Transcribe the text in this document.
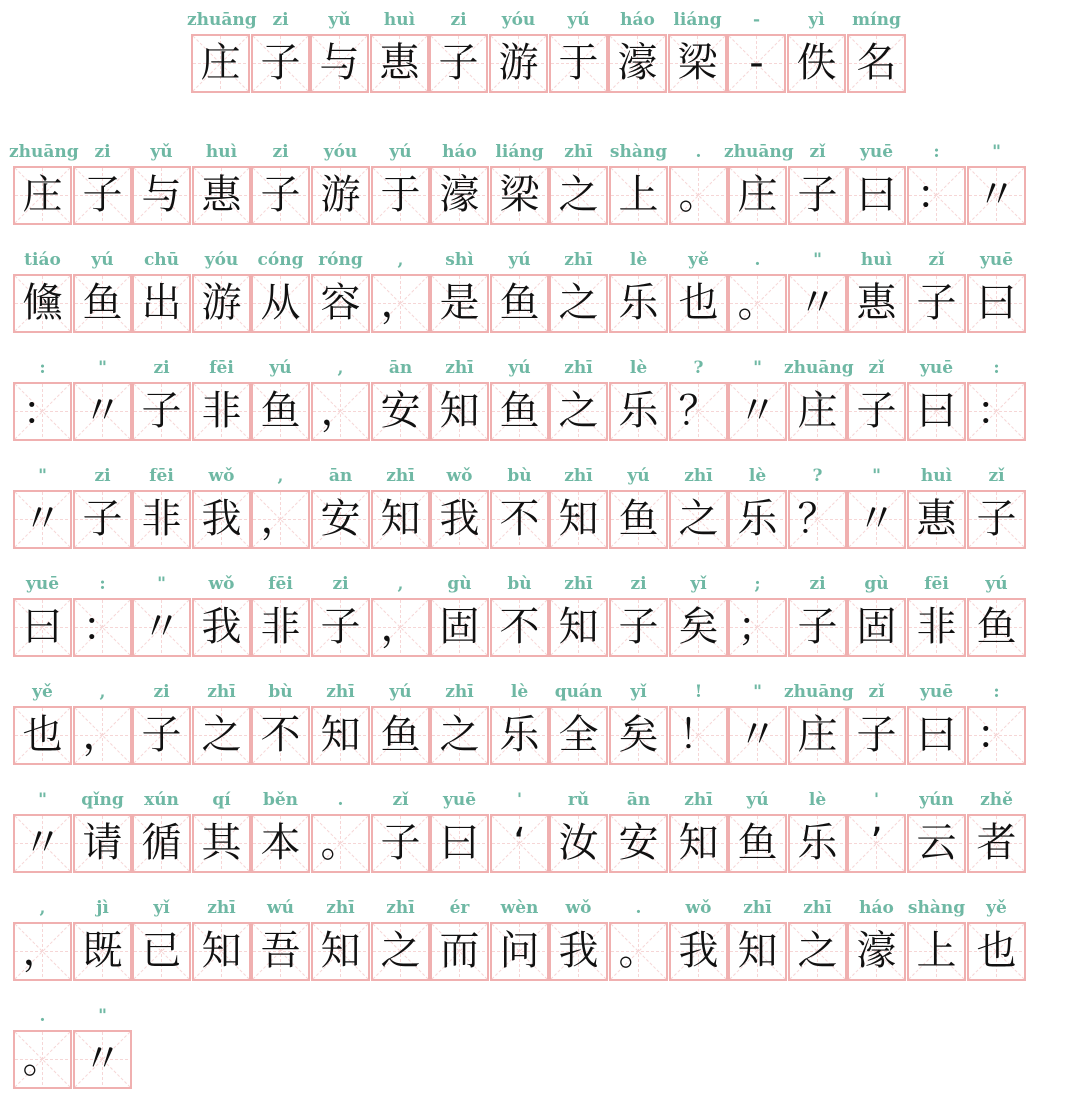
zhuāng
庄
zi
子
yǔ
与
huì
惠
zi
子
yóu
游
yú
于
háo
濠
liáng
梁
-
-
yì
佚
míng
名
zhuāng
庄
zi
子
yǔ
与
huì
惠
zi
子
yóu
游
yú
于
háo
濠
liáng
梁
zhī
之
shàng
上
.
。
zhuāng
庄
zǐ
子
yuē
曰
:
：
"
〃
tiáo
儵
yú
鱼
chū
出
yóu
游
cóng
从
róng
容
,
，
shì
是
yú
鱼
zhī
之
lè
乐
yě
也
.
。
"
〃
huì
惠
zǐ
子
yuē
曰
:
：
"
〃
zi
子
fēi
非
yú
鱼
,
，
ān
安
zhī
知
yú
鱼
zhī
之
lè
乐
?
？
"
〃
zhuāng
庄
zǐ
子
yuē
曰
:
：
"
〃
zi
子
fēi
非
wǒ
我
,
，
ān
安
zhī
知
wǒ
我
bù
不
zhī
知
yú
鱼
zhī
之
lè
乐
?
？
"
〃
huì
惠
zǐ
子
yuē
曰
:
：
"
〃
wǒ
我
fēi
非
zi
子
,
，
gù
固
bù
不
zhī
知
zi
子
yǐ
矣
;
；
zi
子
gù
固
fēi
非
yú
鱼
yě
也
,
，
zi
子
zhī
之
bù
不
zhī
知
yú
鱼
zhī
之
lè
乐
quán
全
yǐ
矣
!
！
"
〃
zhuāng
庄
zǐ
子
yuē
曰
:
：
"
〃
qǐng
请
xún
循
qí
其
běn
本
.
。
zǐ
子
yuē
曰
'
‘
rǔ
汝
ān
安
zhī
知
yú
鱼
lè
乐
'
’
yún
云
zhě
者
,
，
jì
既
yǐ
已
zhī
知
wú
吾
zhī
知
zhī
之
ér
而
wèn
问
wǒ
我
.
。
wǒ
我
zhī
知
zhī
之
háo
濠
shàng
上
yě
也
.
。
"
〃
